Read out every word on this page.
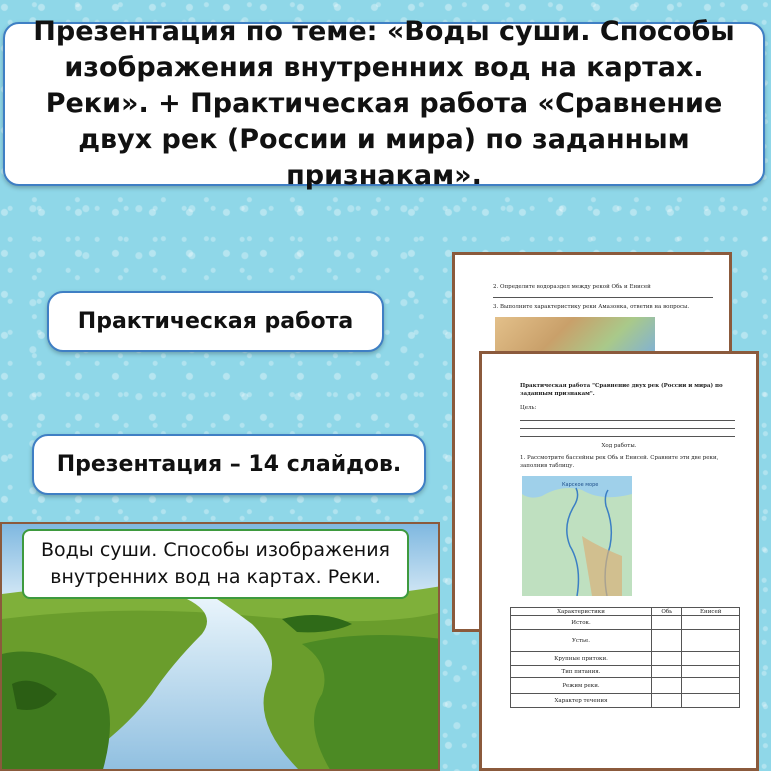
Презентация по теме: «Воды суши. Способы изображения внутренних вод на картах. Реки». + Практическая работа «Сравнение двух рек (России и мира) по заданным признакам».
Практическая работа
Презентация – 14 слайдов.
2. Определите водораздел между рекой Обь и Енисей
3. Выполните характеристику реки Амазонка, ответив на вопросы.
Практическая работа "Сравнение двух рек (России и мира) по заданным признакам".
Цель:
Ход работы.
1. Рассмотрите бассейны рек Обь и Енисей. Сравните эти две реки, заполнив таблицу.
Карское море
Характеристики	Обь	Енисей
Исток.		
Устье.		
Крупные притоки.		
Тип питания.		
Режим реки.		
Характер течения		
Воды суши. Способы изображения внутренних вод на картах. Реки.
